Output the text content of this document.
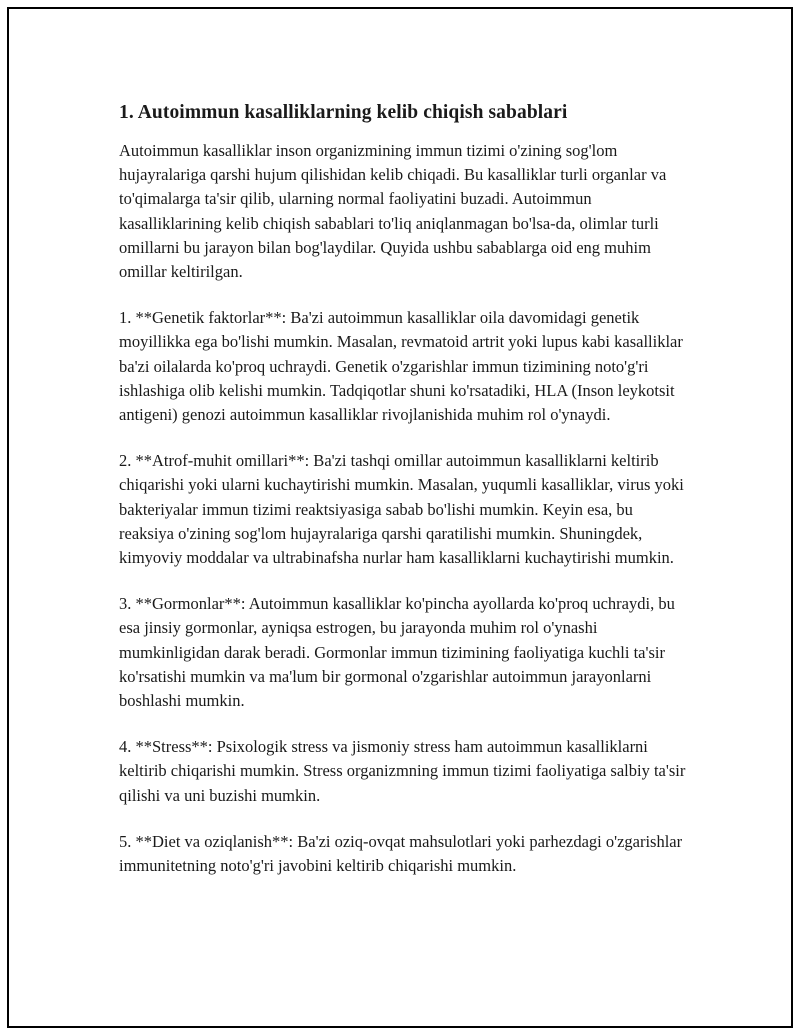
1. Autoimmun kasalliklarning kelib chiqish sabablari

Autoimmun kasalliklar inson organizmining immun tizimi o'zining sog'lom hujayralariga qarshi hujum qilishidan kelib chiqadi. Bu kasalliklar turli organlar va to'qimalarga ta'sir qilib, ularning normal faoliyatini buzadi. Autoimmun kasalliklarining kelib chiqish sabablari to'liq aniqlanmagan bo'lsa-da, olimlar turli omillarni bu jarayon bilan bog'laydilar. Quyida ushbu sabablarga oid eng muhim omillar keltirilgan.

1. **Genetik faktorlar**: Ba'zi autoimmun kasalliklar oila davomidagi genetik moyillikka ega bo'lishi mumkin. Masalan, revmatoid artrit yoki lupus kabi kasalliklar ba'zi oilalarda ko'proq uchraydi. Genetik o'zgarishlar immun tizimining noto'g'ri ishlashiga olib kelishi mumkin. Tadqiqotlar shuni ko'rsatadiki, HLA (Inson leykotsit antigeni) genozi autoimmun kasalliklar rivojlanishida muhim rol o'ynaydi.

2. **Atrof-muhit omillari**: Ba'zi tashqi omillar autoimmun kasalliklarni keltirib chiqarishi yoki ularni kuchaytirishi mumkin. Masalan, yuqumli kasalliklar, virus yoki bakteriyalar immun tizimi reaktsiyasiga sabab bo'lishi mumkin. Keyin esa, bu reaksiya o'zining sog'lom hujayralariga qarshi qaratilishi mumkin. Shuningdek, kimyoviy moddalar va ultrabinafsha nurlar ham kasalliklarni kuchaytirishi mumkin.

3. **Gormonlar**: Autoimmun kasalliklar ko'pincha ayollarda ko'proq uchraydi, bu esa jinsiy gormonlar, ayniqsa estrogen, bu jarayonda muhim rol o'ynashi mumkinligidan darak beradi. Gormonlar immun tizimining faoliyatiga kuchli ta'sir ko'rsatishi mumkin va ma'lum bir gormonal o'zgarishlar autoimmun jarayonlarni boshlashi mumkin.

4. **Stress**: Psixologik stress va jismoniy stress ham autoimmun kasalliklarni keltirib chiqarishi mumkin. Stress organizmning immun tizimi faoliyatiga salbiy ta'sir qilishi va uni buzishi mumkin.

5. **Diet va oziqlanish**: Ba'zi oziq-ovqat mahsulotlari yoki parhezdagi o'zgarishlar immunitetning noto'g'ri javobini keltirib chiqarishi mumkin.
